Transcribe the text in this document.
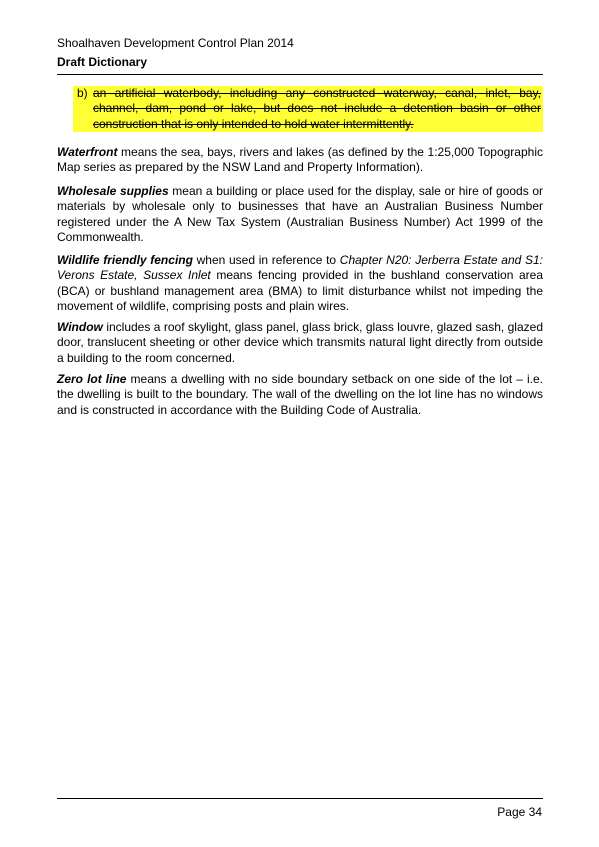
Shoalhaven Development Control Plan 2014
Draft Dictionary
b) an artificial waterbody, including any constructed waterway, canal, inlet, bay, channel, dam, pond or lake, but does not include a detention basin or other construction that is only intended to hold water intermittently.

Waterfront means the sea, bays, rivers and lakes (as defined by the 1:25,000 Topographic Map series as prepared by the NSW Land and Property Information).

Wholesale supplies mean a building or place used for the display, sale or hire of goods or materials by wholesale only to businesses that have an Australian Business Number registered under the A New Tax System (Australian Business Number) Act 1999 of the Commonwealth.

Wildlife friendly fencing when used in reference to Chapter N20: Jerberra Estate and S1: Verons Estate, Sussex Inlet means fencing provided in the bushland conservation area (BCA) or bushland management area (BMA) to limit disturbance whilst not impeding the movement of wildlife, comprising posts and plain wires.

Window includes a roof skylight, glass panel, glass brick, glass louvre, glazed sash, glazed door, translucent sheeting or other device which transmits natural light directly from outside a building to the room concerned.

Zero lot line means a dwelling with no side boundary setback on one side of the lot – i.e. the dwelling is built to the boundary. The wall of the dwelling on the lot line has no windows and is constructed in accordance with the Building Code of Australia.

Page 34
